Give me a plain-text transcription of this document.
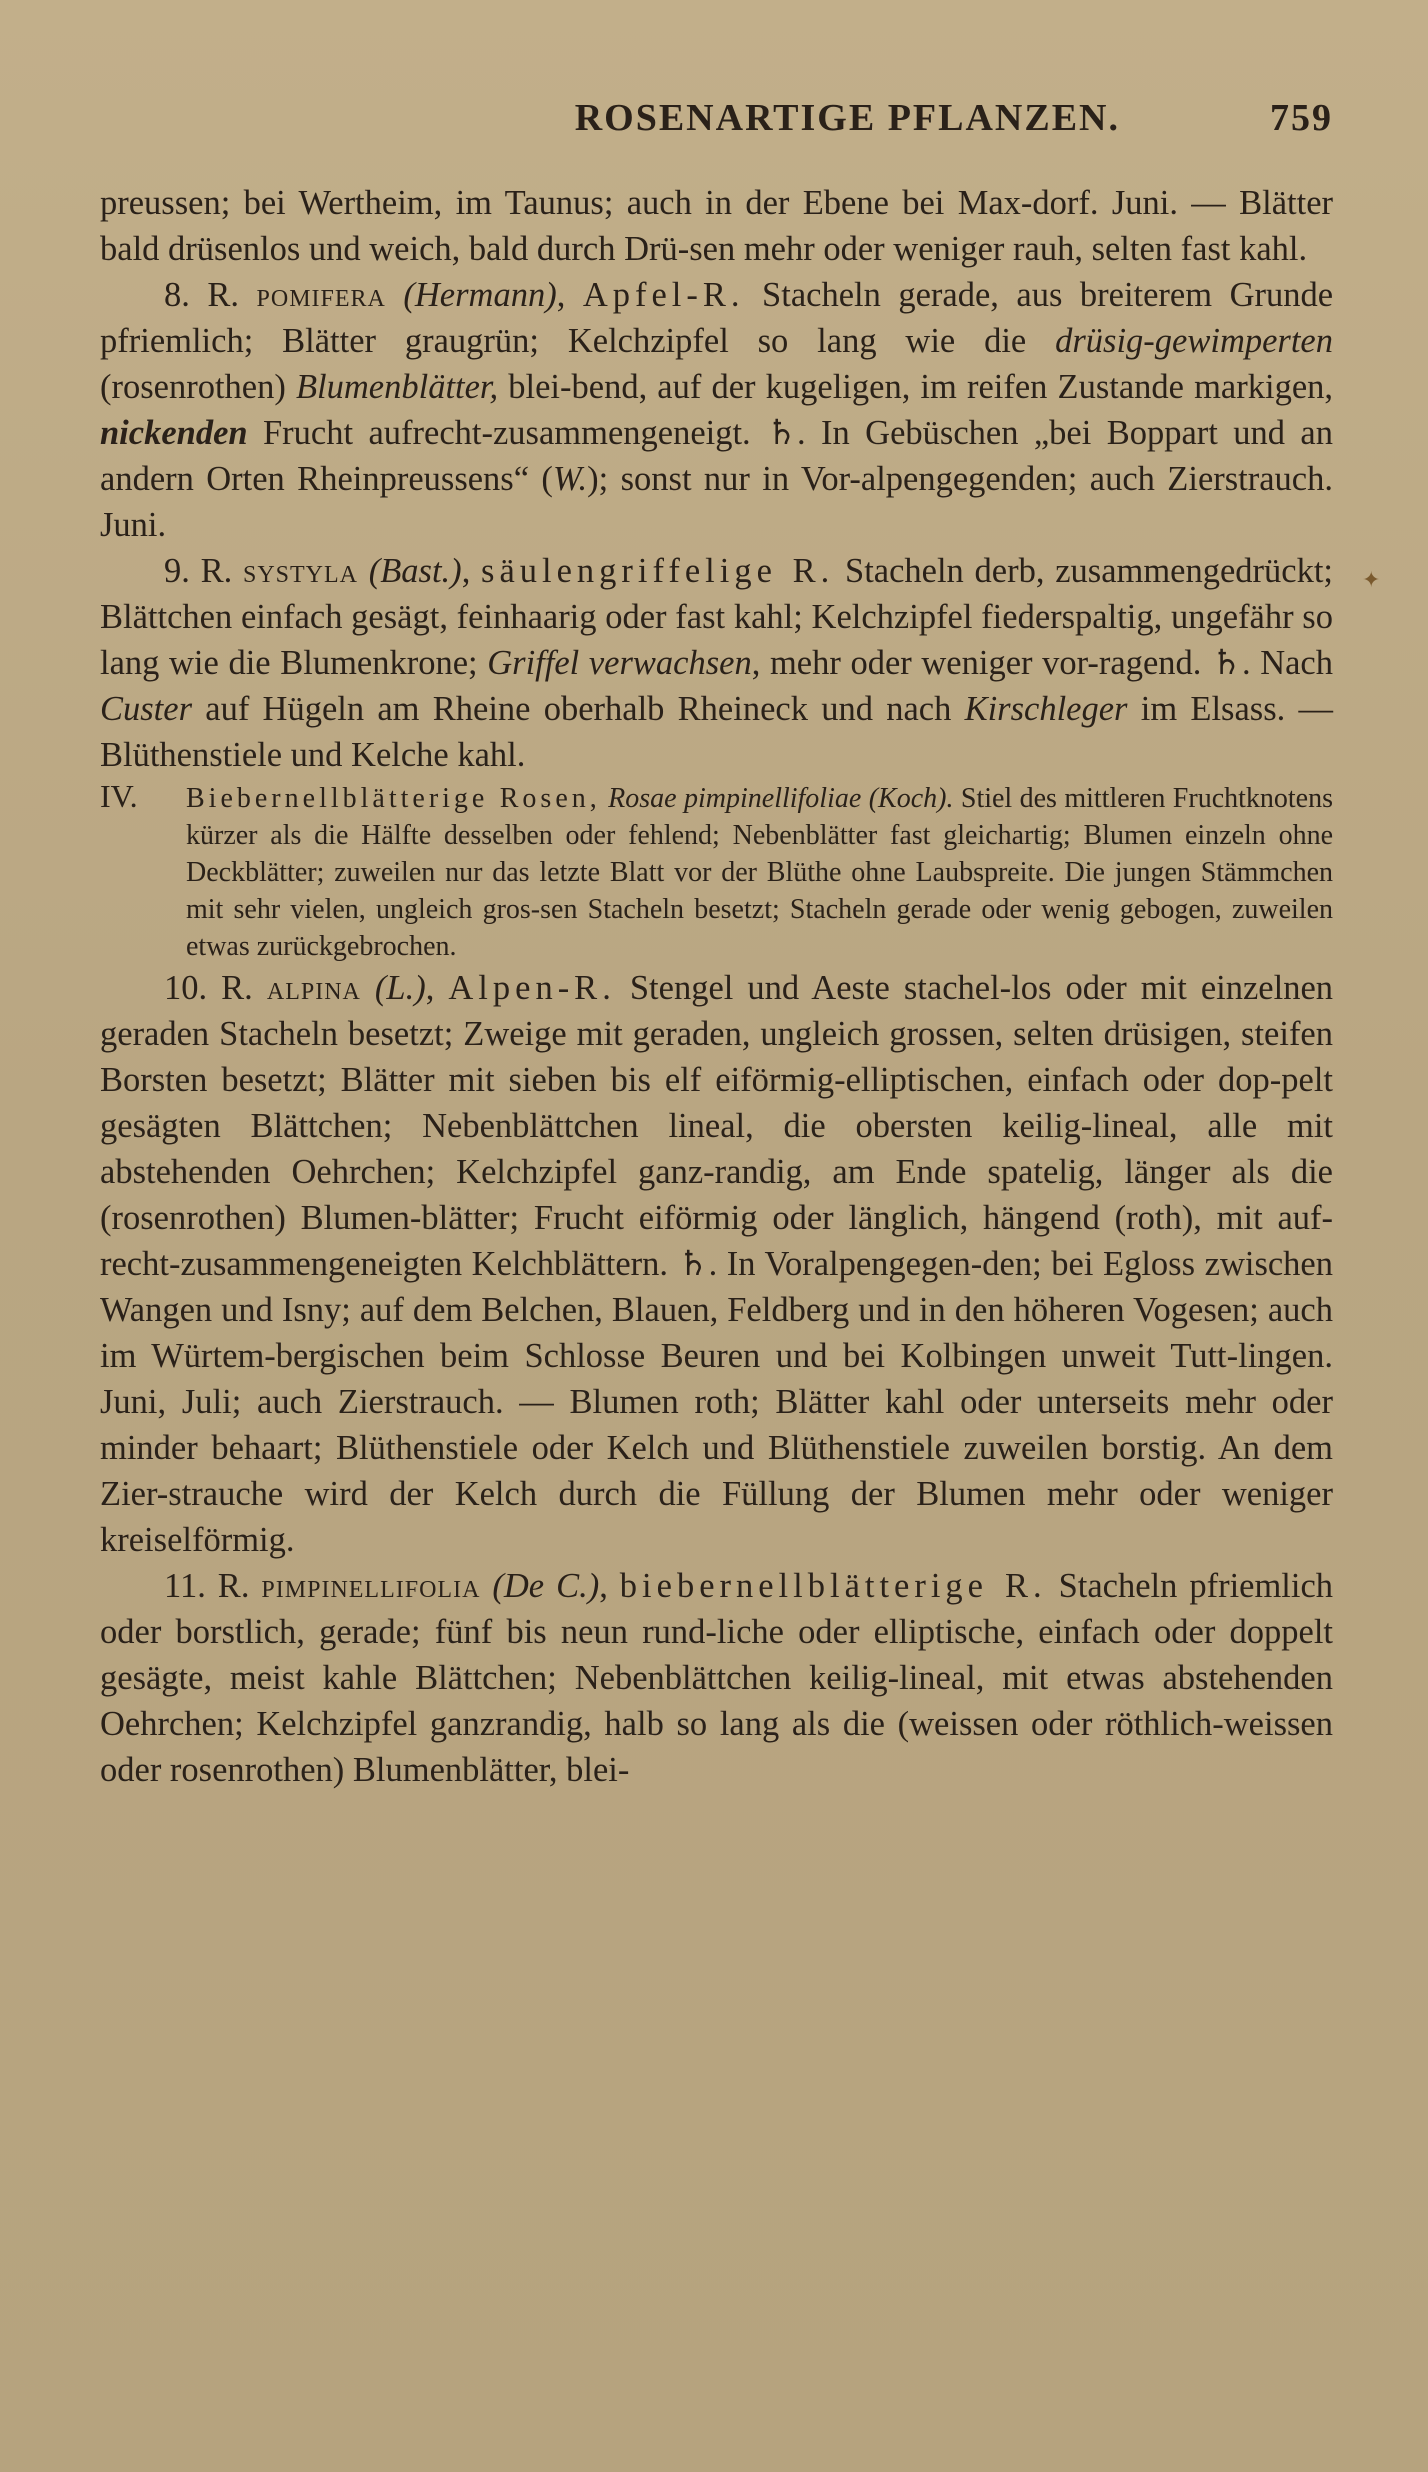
ROSENARTIGE PFLANZEN.	759
✦

preussen; bei Wertheim, im Taunus; auch in der Ebene bei Max-dorf. Juni. — Blätter bald drüsenlos und weich, bald durch Drü-sen mehr oder weniger rauh, selten fast kahl.

8. R. pomifera (Hermann), Apfel-R. Stacheln gerade, aus breiterem Grunde pfriemlich; Blätter graugrün; Kelchzipfel so lang wie die drüsig-gewimperten (rosenrothen) Blumenblätter, blei-bend, auf der kugeligen, im reifen Zustande markigen, nickenden Frucht aufrecht-zusammengeneigt. ♄. In Gebüschen „bei Boppart und an andern Orten Rheinpreussens“ (W.); sonst nur in Vor-alpengegenden; auch Zierstrauch. Juni.

9. R. systyla (Bast.), säulengriffelige R. Stacheln derb, zusammengedrückt; Blättchen einfach gesägt, feinhaarig oder fast kahl; Kelchzipfel fiederspaltig, ungefähr so lang wie die Blumenkrone; Griffel verwachsen, mehr oder weniger vor-ragend. ♄. Nach Custer auf Hügeln am Rheine oberhalb Rheineck und nach Kirschleger im Elsass. — Blüthenstiele und Kelche kahl.

IV. Biebernellblätterige Rosen, Rosae pimpinellifoliae (Koch). Stiel des mittleren Fruchtknotens kürzer als die Hälfte desselben oder fehlend; Nebenblätter fast gleichartig; Blumen einzeln ohne Deckblätter; zuweilen nur das letzte Blatt vor der Blüthe ohne Laubspreite. Die jungen Stämmchen mit sehr vielen, ungleich gros-sen Stacheln besetzt; Stacheln gerade oder wenig gebogen, zuweilen etwas zurückgebrochen.

10. R. alpina (L.), Alpen-R. Stengel und Aeste stachel-los oder mit einzelnen geraden Stacheln besetzt; Zweige mit geraden, ungleich grossen, selten drüsigen, steifen Borsten besetzt; Blätter mit sieben bis elf eiförmig-elliptischen, einfach oder dop-pelt gesägten Blättchen; Nebenblättchen lineal, die obersten keilig-lineal, alle mit abstehenden Oehrchen; Kelchzipfel ganz-randig, am Ende spatelig, länger als die (rosenrothen) Blumen-blätter; Frucht eiförmig oder länglich, hängend (roth), mit auf-recht-zusammengeneigten Kelchblättern. ♄. In Voralpengegen-den; bei Egloss zwischen Wangen und Isny; auf dem Belchen, Blauen, Feldberg und in den höheren Vogesen; auch im Würtem-bergischen beim Schlosse Beuren und bei Kolbingen unweit Tutt-lingen. Juni, Juli; auch Zierstrauch. — Blumen roth; Blätter kahl oder unterseits mehr oder minder behaart; Blüthenstiele oder Kelch und Blüthenstiele zuweilen borstig. An dem Zier-strauche wird der Kelch durch die Füllung der Blumen mehr oder weniger kreiselförmig.

11. R. pimpinellifolia (De C.), biebernellblätterige R. Stacheln pfriemlich oder borstlich, gerade; fünf bis neun rund-liche oder elliptische, einfach oder doppelt gesägte, meist kahle Blättchen; Nebenblättchen keilig-lineal, mit etwas abstehenden Oehrchen; Kelchzipfel ganzrandig, halb so lang als die (weissen oder röthlich-weissen oder rosenrothen) Blumenblätter, blei-
